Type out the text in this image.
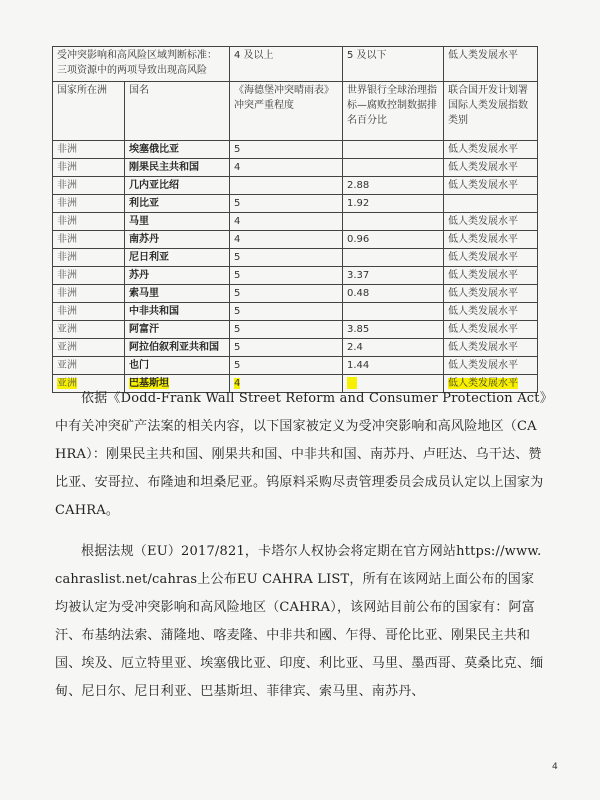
受冲突影响和高风险区域判断标准：三项资源中的两项导致出现高风险		4 及以上	5 及以下	低人类发展水平
国家所在洲	国名	《海德堡冲突晴雨表》冲突严重程度	世界银行全球治理指标—腐败控制数据排名百分比	联合国开发计划署国际人类发展指数类别
非洲	埃塞俄比亚	5		低人类发展水平
非洲	刚果民主共和国	4		低人类发展水平
非洲	几内亚比绍		2.88	低人类发展水平
非洲	利比亚	5	1.92	
非洲	马里	4		低人类发展水平
非洲	南苏丹	4	0.96	低人类发展水平
非洲	尼日利亚	5		低人类发展水平
非洲	苏丹	5	3.37	低人类发展水平
非洲	索马里	5	0.48	低人类发展水平
非洲	中非共和国	5		低人类发展水平
亚洲	阿富汗	5	3.85	低人类发展水平
亚洲	阿拉伯叙利亚共和国	5	2.4	低人类发展水平
亚洲	也门	5	1.44	低人类发展水平
亚洲	巴基斯坦	4		低人类发展水平
依据《Dodd-Frank Wall Street Reform and Consumer Protection Act》中有关冲突矿产法案的相关内容，以下国家被定义为受冲突影响和高风险地区（CAHRA）：刚果民主共和国、刚果共和国、中非共和国、南苏丹、卢旺达、乌干达、赞比亚、安哥拉、布隆迪和坦桑尼亚。钨原料采购尽责管理委员会成员认定以上国家为CAHRA。
根据法规（EU）2017/821，卡塔尔人权协会将定期在官方网站https://www.cahraslist.net/cahras上公布EU CAHRA LIST，所有在该网站上面公布的国家均被认定为受冲突影响和高风险地区（CAHRA），该网站目前公布的国家有：阿富汗、布基纳法索、蒲隆地、喀麦隆、中非共和國、乍得、哥伦比亚、刚果民主共和国、埃及、厄立特里亚、埃塞俄比亚、印度、利比亚、马里、墨西哥、莫桑比克、缅甸、尼日尔、尼日利亚、巴基斯坦、菲律宾、索马里、南苏丹、
4
